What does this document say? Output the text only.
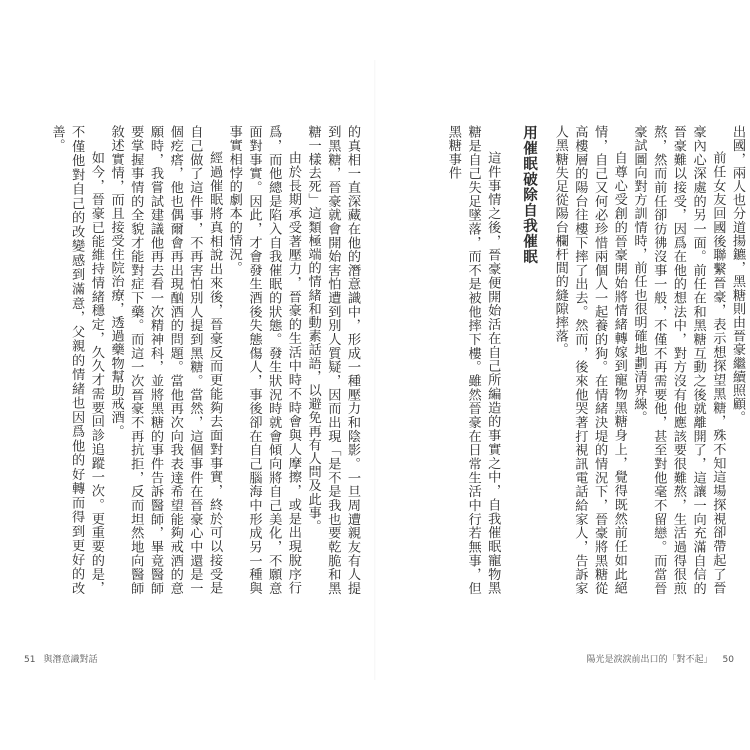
的真相一直深藏在他的潛意識中，形成一種壓力和陰影。一旦周遭親友有人提到黑糖，晉豪就會開始害怕遭到別人質疑，因而出現「是不是我也要乾脆和黑糖一樣去死」這類極端的情緒和動素話語，以避免再有人問及此事。
由於長期承受著壓力，晉豪的生活中時不時會與人摩擦，或是出現脫序行爲，而他總是陷入自我催眠的狀態。發生狀況時就會傾向將自己美化，不願意面對事實。因此，才會發生酒後失態傷人，事後卻在自己腦海中形成另一種與事實相悖的劇本的情況。
經過催眠將真相說出來後，晉豪反而更能夠去面對事實，終於可以接受是自己做了這件事，不再害怕別人提到黑糖。當然，這個事件在晉豪心中還是一個疙瘩，他也偶爾會再出現酗酒的問題。當他再次向我表達希望能夠戒酒的意願時，我嘗試建議他再去看一次精神科，並將黑糖的事件告訴醫師，畢竟醫師要掌握事情的全貌才能對症下藥。而這一次晉豪不再抗拒，反而坦然地向醫師敘述實情，而且接受住院治療，透過藥物幫助戒酒。
如今，晉豪已能維持情緒穩定，久久才需要回診追蹤一次。更重要的是，不僅他對自己的改變感到滿意，父親的情緒也因爲他的好轉而得到更好的改善。
51 與潛意識對話
出國，兩人也分道揚鑣，黑糖則由晉豪繼續照顧。
前任女友回國後聯繫晉豪，表示想探望黑糖，殊不知這場探視卻帶起了晉豪內心深處的另一面。前任在和黑糖互動之後就離開了，這讓一向充滿自信的晉豪難以接受，因爲在他的想法中，對方沒有他應該要很難熬，生活過得很煎熬，然而前任卻彷彿沒事一般，不僅不再需要他，甚至對他毫不留戀。而當晉豪試圖向對方訓情時，前任也很明確地劃清界線。
自尊心受創的晉豪開始將情緒轉嫁到寵物黑糖身上，覺得既然前任如此絕情，自己又何必珍惜兩個人一起養的狗。在情緒決堤的情況下，晉豪將黑糖從高樓層的陽台往樓下摔了出去。然而，後來他哭著打視訊電話給家人，告訴家人黑糖失足從陽台欄杆間的縫隙摔落。
用催眠破除自我催眠
這件事情之後，晉豪便開始活在自己所編造的事實之中，自我催眠寵物黑糖是自己失足墜落，而不是被他摔下樓。雖然晉豪在日常生活中行若無事，但黑糖事件
陽光是淚淚前出口的「對不起」 50
